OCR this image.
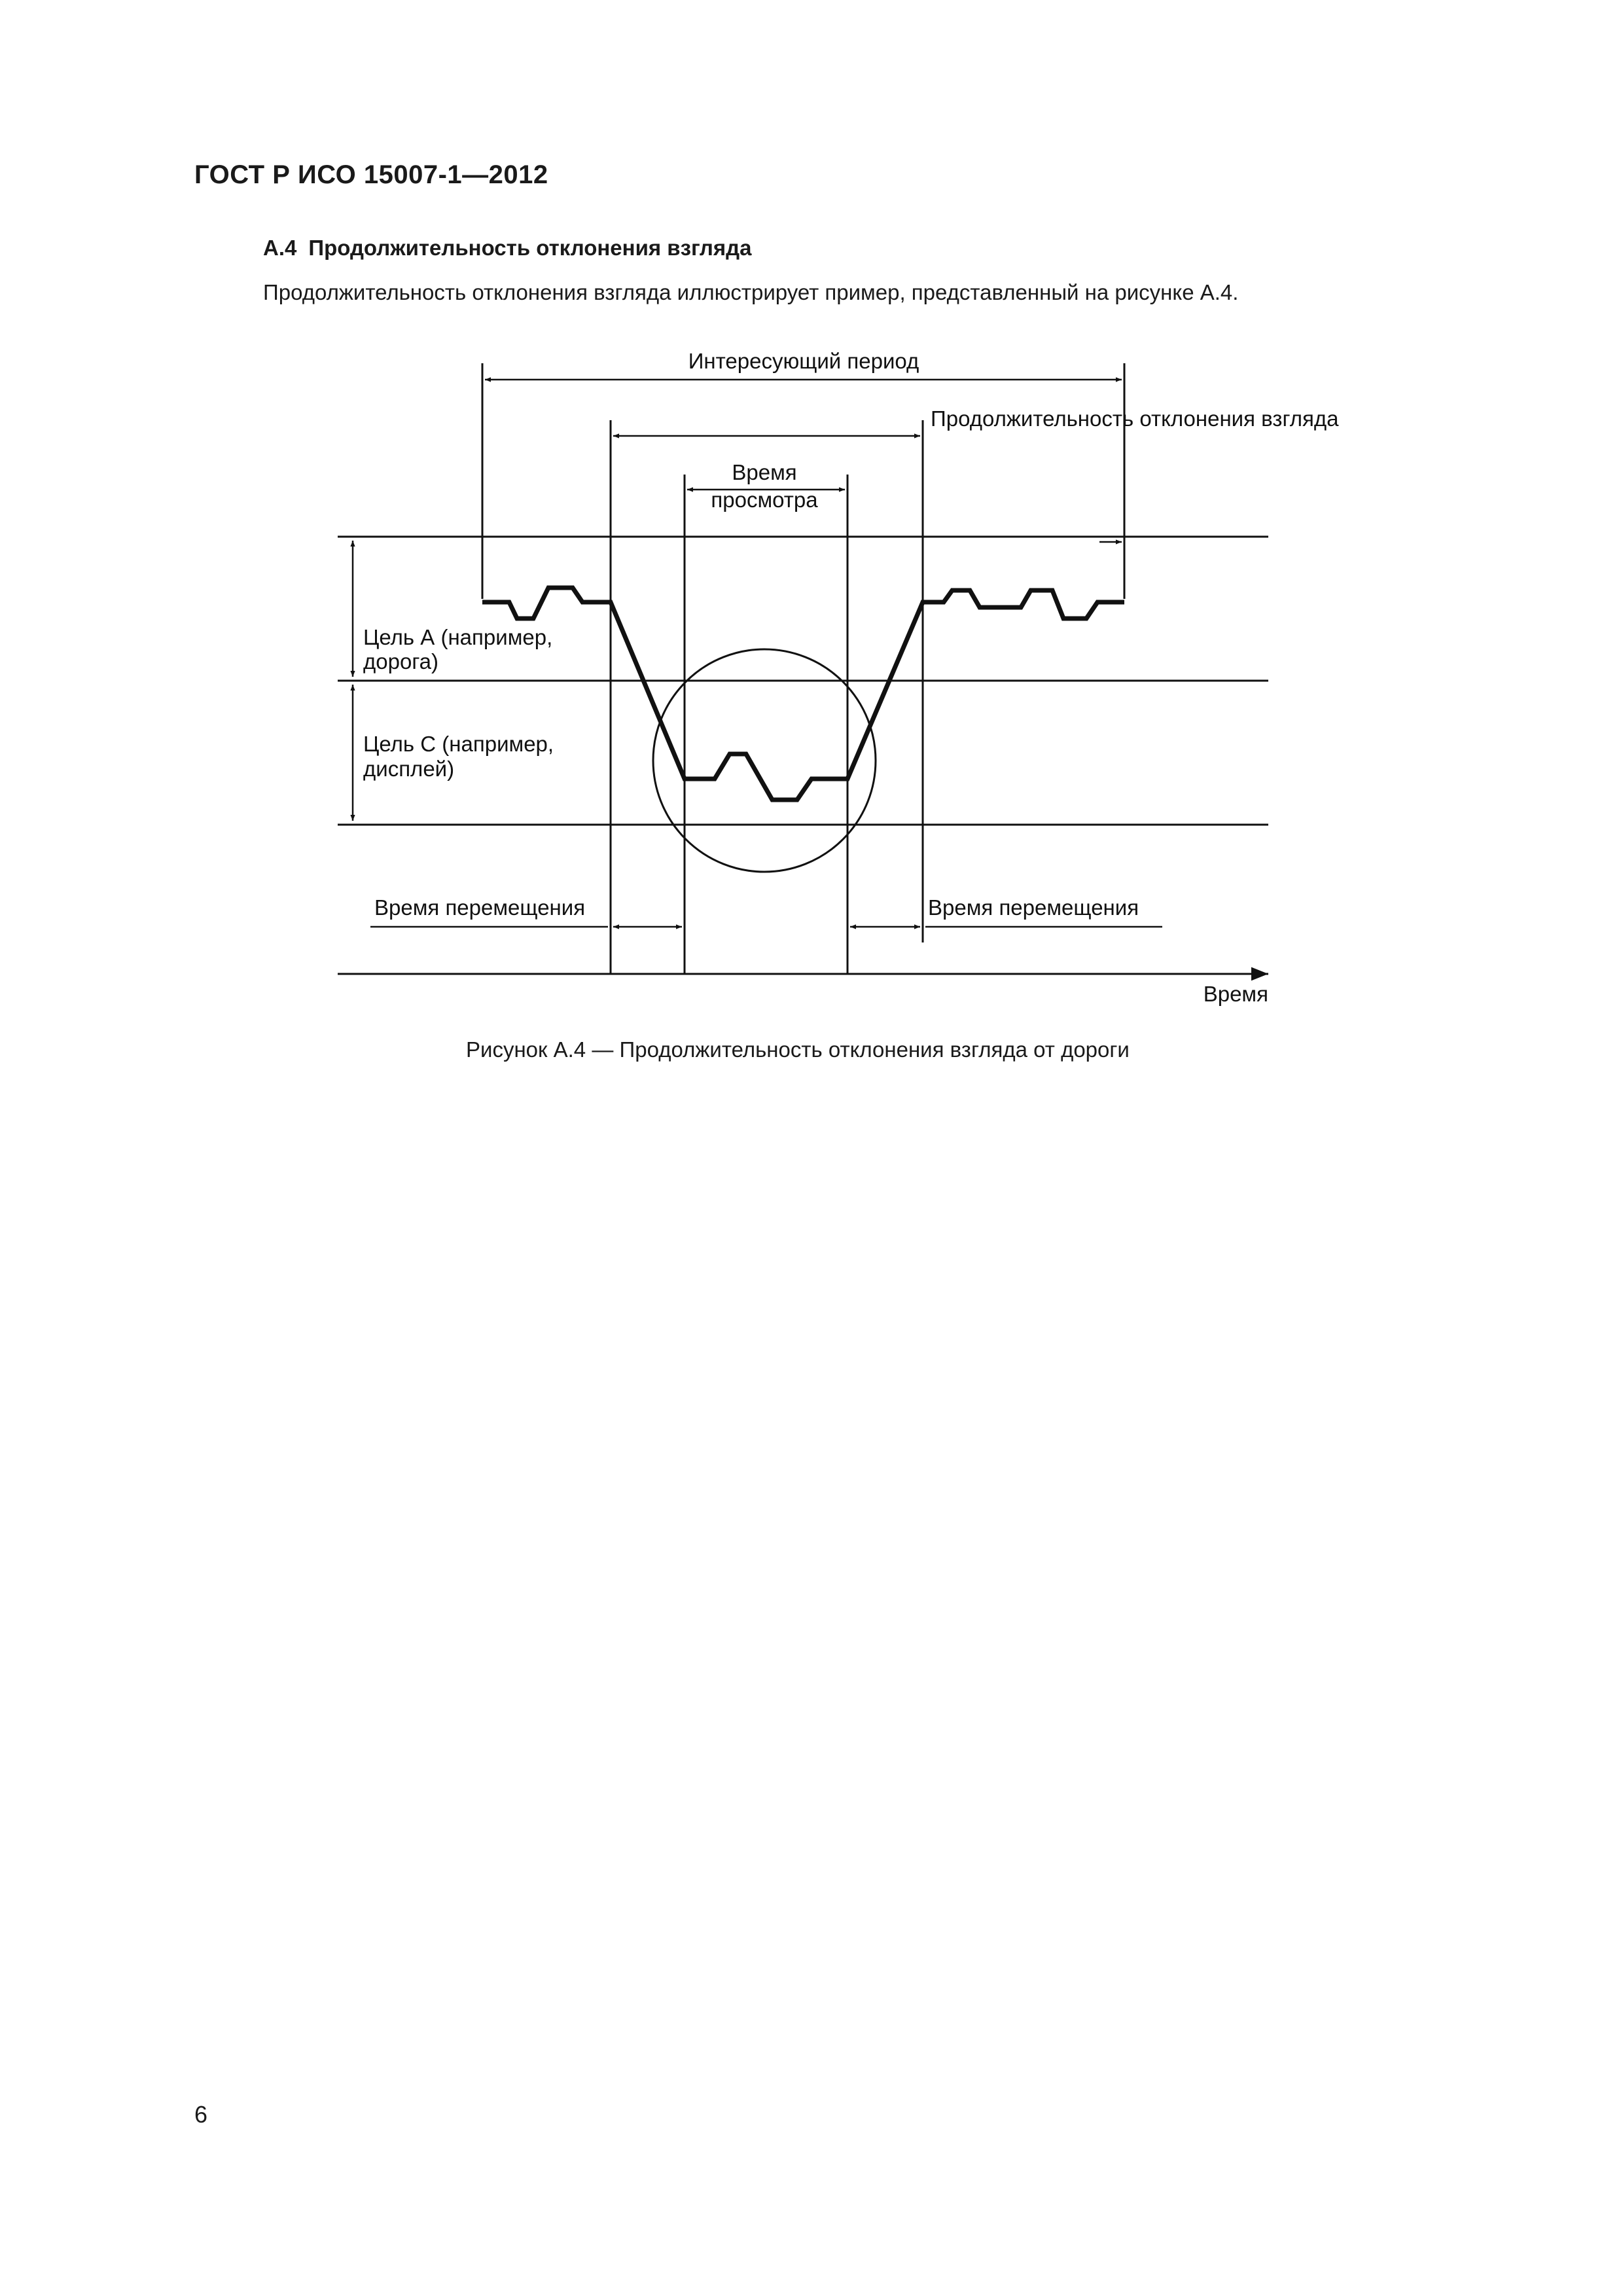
ГОСТ Р ИСО 15007-1—2012
A.4 Продолжительность отклонения взгляда
Продолжительность отклонения взгляда иллюстрирует пример, представленный на рисунке А.4.
Интересующий период
Продолжительность отклонения взгляда
Время
просмотра
Цель А (например,
дорога)
Цель С (например,
дисплей)
Время перемещения	Время перемещения
Время
Рисунок А.4 — Продолжительность отклонения взгляда от дороги
6
